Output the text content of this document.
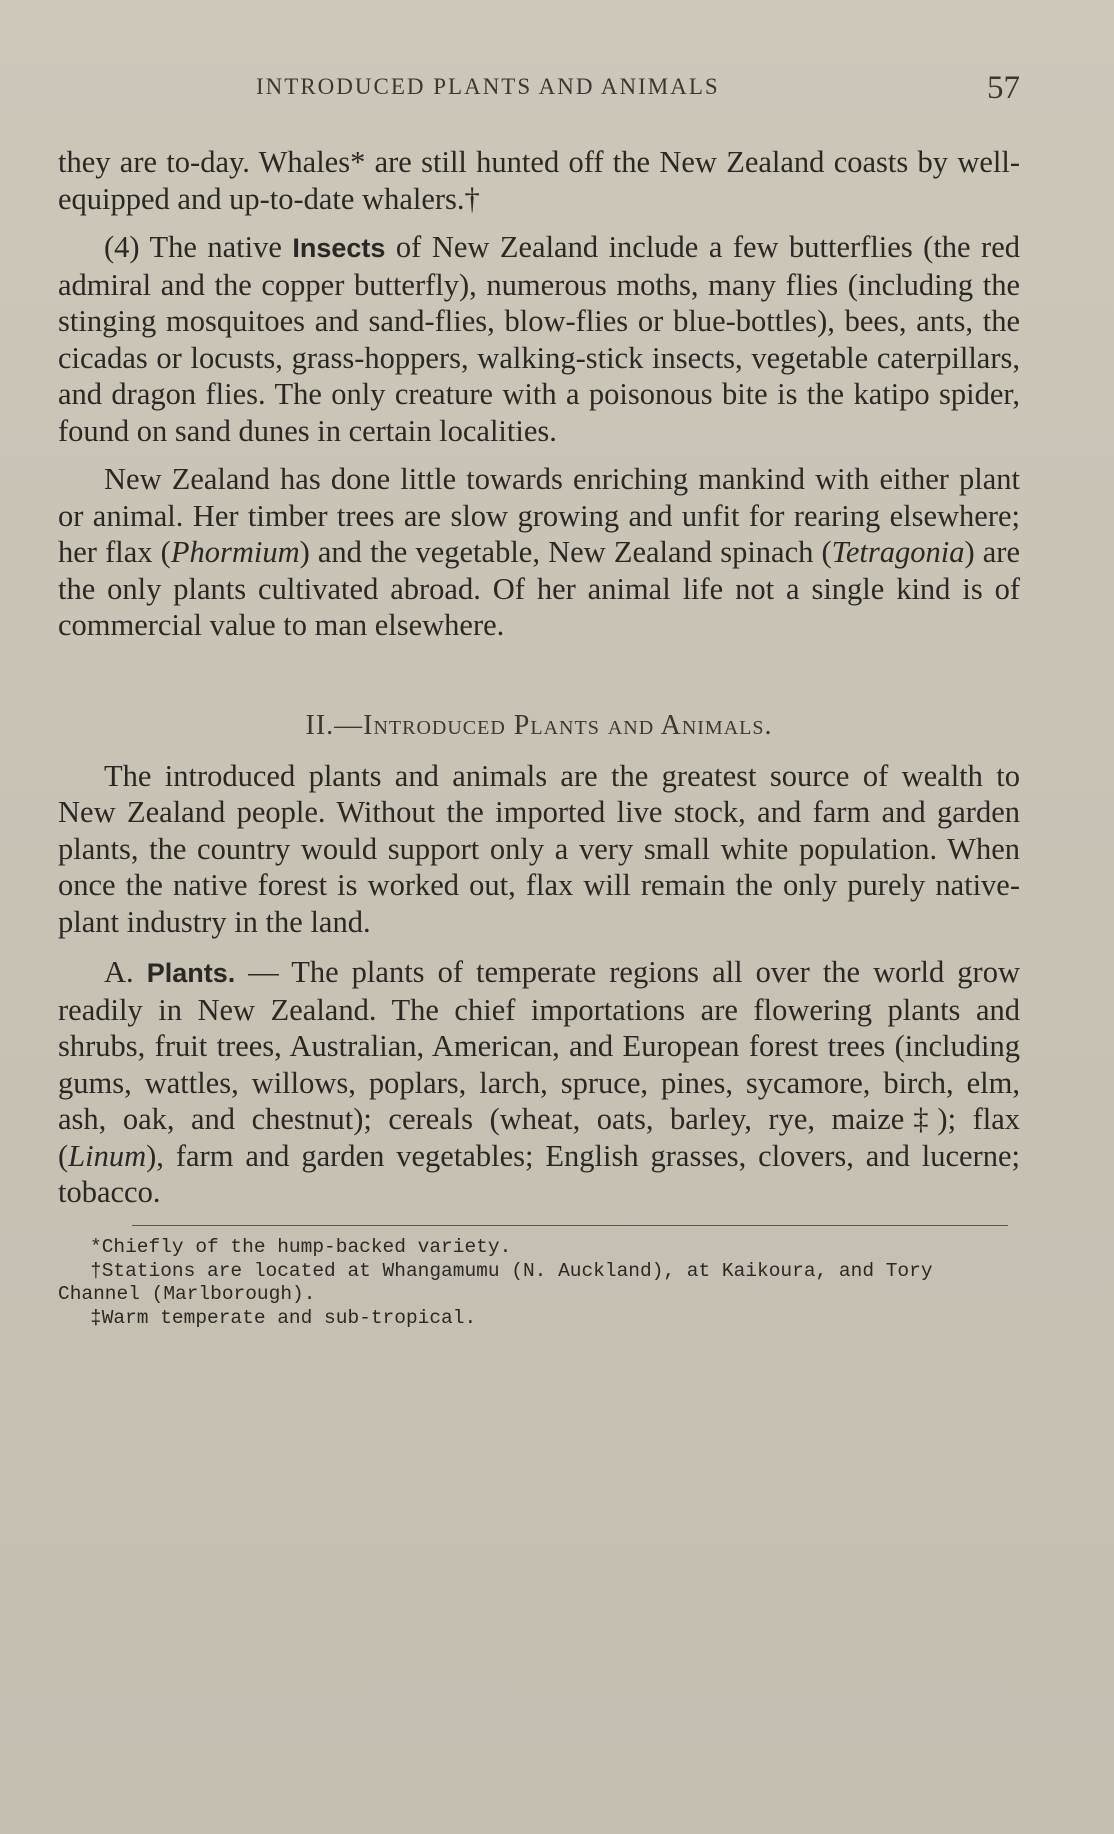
INTRODUCED PLANTS AND ANIMALS	57

they are to-day. Whales* are still hunted off the New Zealand coasts by well-equipped and up-to-date whalers.†

(4) The native Insects of New Zealand include a few butterflies (the red admiral and the copper butterfly), numerous moths, many flies (including the stinging mosquitoes and sand-flies, blow-flies or blue-bottles), bees, ants, the cicadas or locusts, grass-hoppers, walking-stick insects, vegetable caterpillars, and dragon flies. The only creature with a poisonous bite is the katipo spider, found on sand dunes in certain localities.

New Zealand has done little towards enriching mankind with either plant or animal. Her timber trees are slow growing and unfit for rearing elsewhere; her flax (Phormium) and the vegetable, New Zealand spinach (Tetragonia) are the only plants cultivated abroad. Of her animal life not a single kind is of commercial value to man elsewhere.

II.—Introduced Plants and Animals.

The introduced plants and animals are the greatest source of wealth to New Zealand people. Without the imported live stock, and farm and garden plants, the country would support only a very small white population. When once the native forest is worked out, flax will remain the only purely native-plant industry in the land.

A. Plants. — The plants of temperate regions all over the world grow readily in New Zealand. The chief importations are flowering plants and shrubs, fruit trees, Australian, American, and European forest trees (including gums, wattles, willows, poplars, larch, spruce, pines, sycamore, birch, elm, ash, oak, and chestnut); cereals (wheat, oats, barley, rye, maize‡); flax (Linum), farm and garden vegetables; English grasses, clovers, and lucerne; tobacco.

*Chiefly of the hump-backed variety.

†Stations are located at Whangamumu (N. Auckland), at Kaikoura, and Tory Channel (Marlborough).

‡Warm temperate and sub-tropical.
